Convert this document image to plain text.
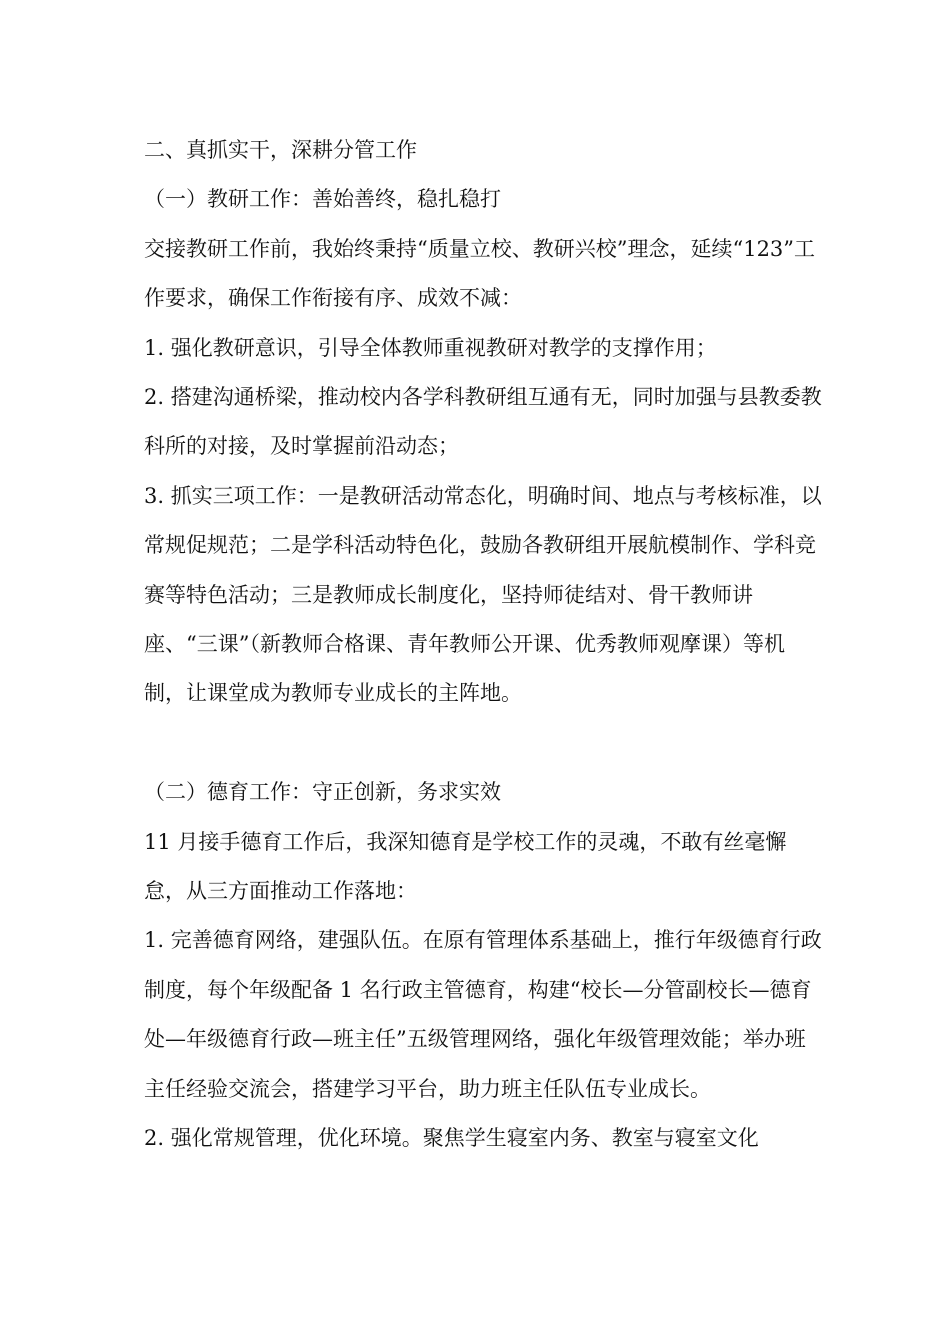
二、真抓实干，深耕分管工作

（一）教研工作：善始善终，稳扎稳打

交接教研工作前，我始终秉持“质量立校、教研兴校”理念，延续“123”工作要求，确保工作衔接有序、成效不减：

1. 强化教研意识，引导全体教师重视教研对教学的支撑作用；

2. 搭建沟通桥梁，推动校内各学科教研组互通有无，同时加强与县教委教科所的对接，及时掌握前沿动态；

3. 抓实三项工作：一是教研活动常态化，明确时间、地点与考核标准，以常规促规范；二是学科活动特色化，鼓励各教研组开展航模制作、学科竞赛等特色活动；三是教师成长制度化，坚持师徒结对、骨干教师讲座、“三课”（新教师合格课、青年教师公开课、优秀教师观摩课）等机制，让课堂成为教师专业成长的主阵地。

（二）德育工作：守正创新，务求实效

11 月接手德育工作后，我深知德育是学校工作的灵魂，不敢有丝毫懈怠，从三方面推动工作落地：

1. 完善德育网络，建强队伍。在原有管理体系基础上，推行年级德育行政制度，每个年级配备 1 名行政主管德育，构建“校长—分管副校长—德育处—年级德育行政—班主任”五级管理网络，强化年级管理效能；举办班主任经验交流会，搭建学习平台，助力班主任队伍专业成长。

2. 强化常规管理，优化环境。聚焦学生寝室内务、教室与寝室文化
